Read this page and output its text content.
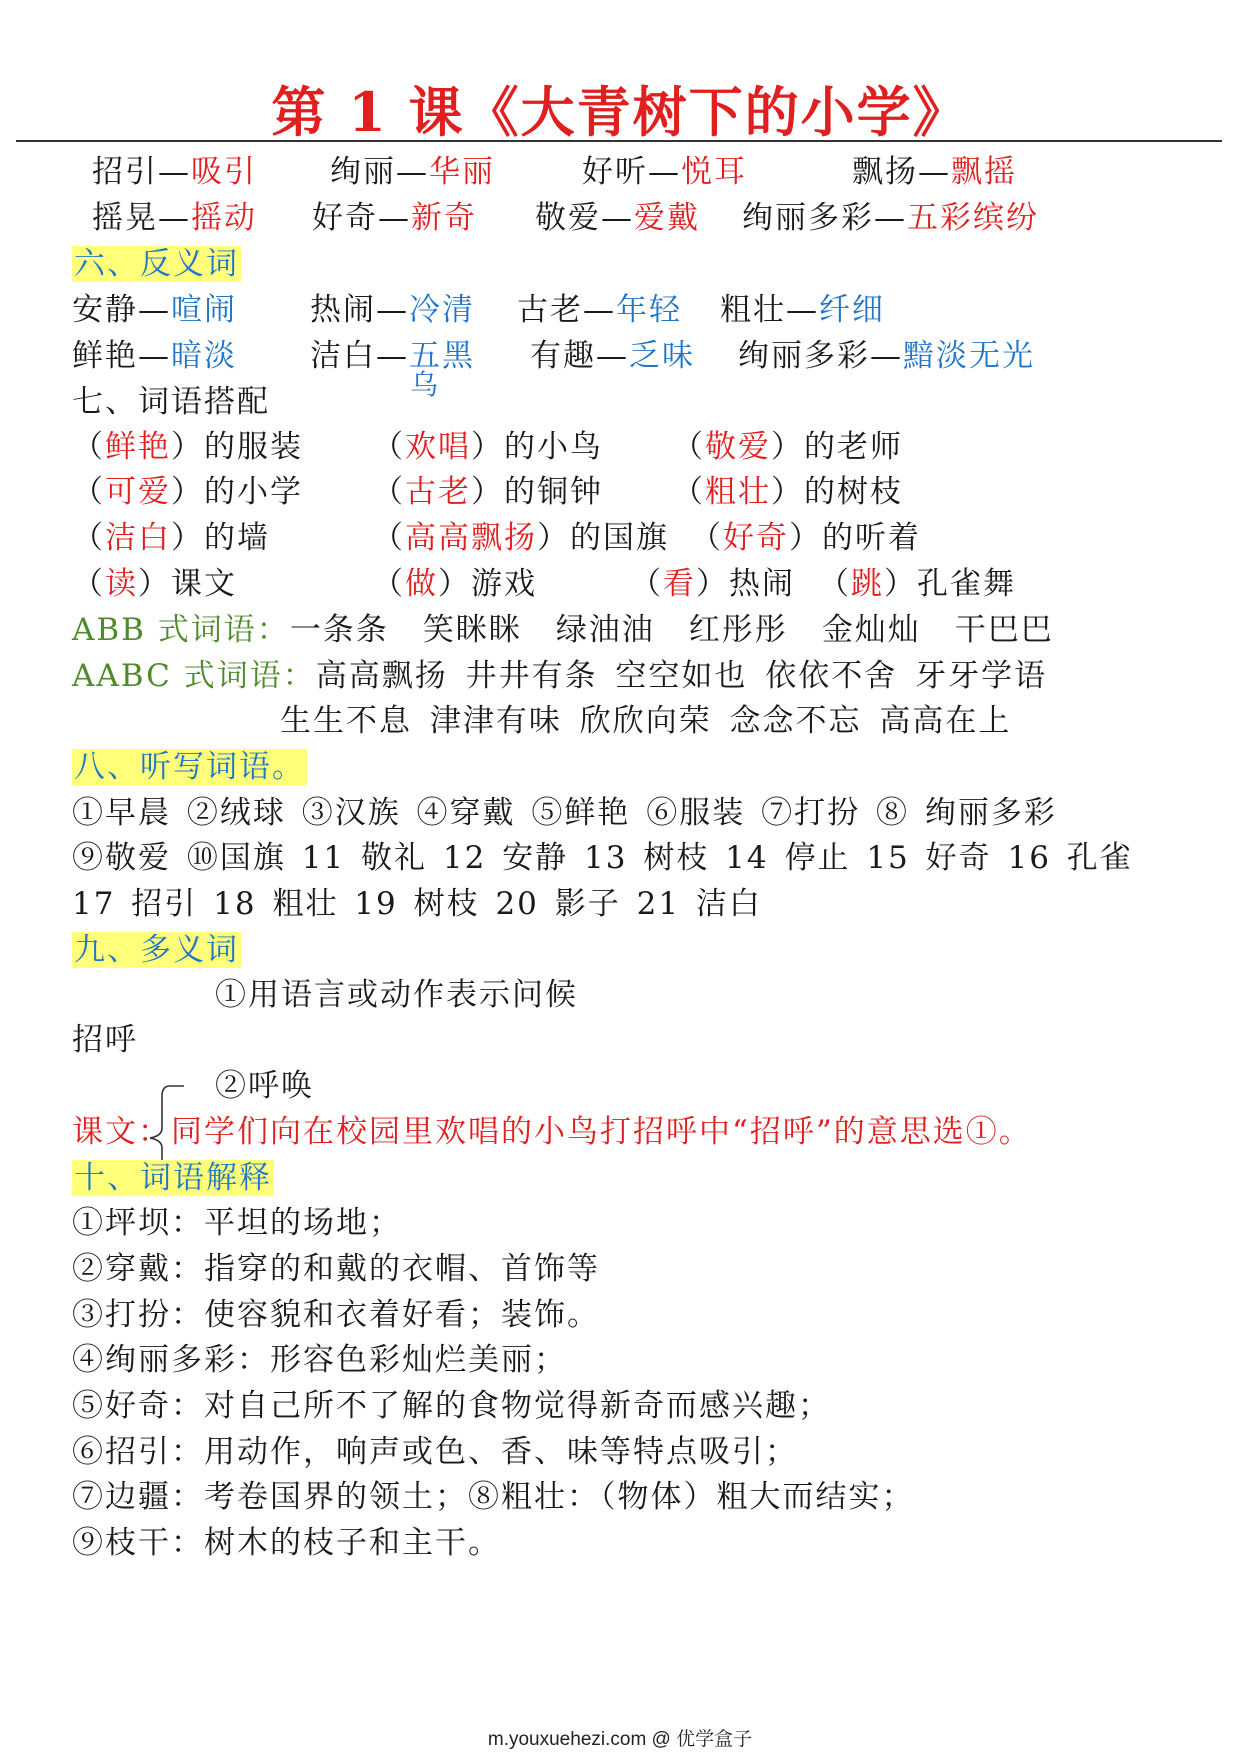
第 1 课《大青树下的小学》
招引—吸引 绚丽—华丽	好听—悦耳	飘扬—飘摇
摇晃—摇动 好奇—新奇 敬爱—爱戴 绚丽多彩—五彩缤纷
六、反义词
安静—喧闹 热闹—冷清 古老—年轻 粗壮—纤细
鲜艳—暗淡 洁白—五黑 有趣—乏味 绚丽多彩—黯淡无光
乌
七、词语搭配
（鲜艳）的服装 （欢唱）的小鸟 （敬爱）的老师
（可爱）的小学 （古老）的铜钟 （粗壮）的树枝
（洁白）的墙	（高高飘扬）的国旗 （好奇）的听着
（读）课文	（做）游戏	（看）热闹 （跳）孔雀舞
ABB 式词语：一条条 笑眯眯 绿油油 红彤彤 金灿灿 干巴巴
AABC 式词语：高高飘扬 井井有条 空空如也 依依不舍 牙牙学语
生生不息 津津有味 欣欣向荣 念念不忘 高高在上
八、听写词语。
①早晨 ②绒球 ③汉族 ④穿戴 ⑤鲜艳 ⑥服装 ⑦打扮 ⑧ 绚丽多彩
⑨敬爱 ⑩国旗 11 敬礼 12 安静 13 树枝 14 停止 15 好奇 16 孔雀
17 招引 18 粗壮 19 树枝 20 影子 21 洁白
九、多义词
①用语言或动作表示问候
招呼
②呼唤
课文：同学们向在校园里欢唱的小鸟打招呼中“招呼”的意思选①。
十、词语解释
①坪坝：平坦的场地；
②穿戴：指穿的和戴的衣帽、首饰等
③打扮：使容貌和衣着好看；装饰。
④绚丽多彩：形容色彩灿烂美丽；
⑤好奇：对自己所不了解的食物觉得新奇而感兴趣；
⑥招引：用动作，响声或色、香、味等特点吸引；
⑦边疆：考卷国界的领土；⑧粗壮：（物体）粗大而结实；
⑨枝干：树木的枝子和主干。
m.youxuehezi.com @ 优学盒子
